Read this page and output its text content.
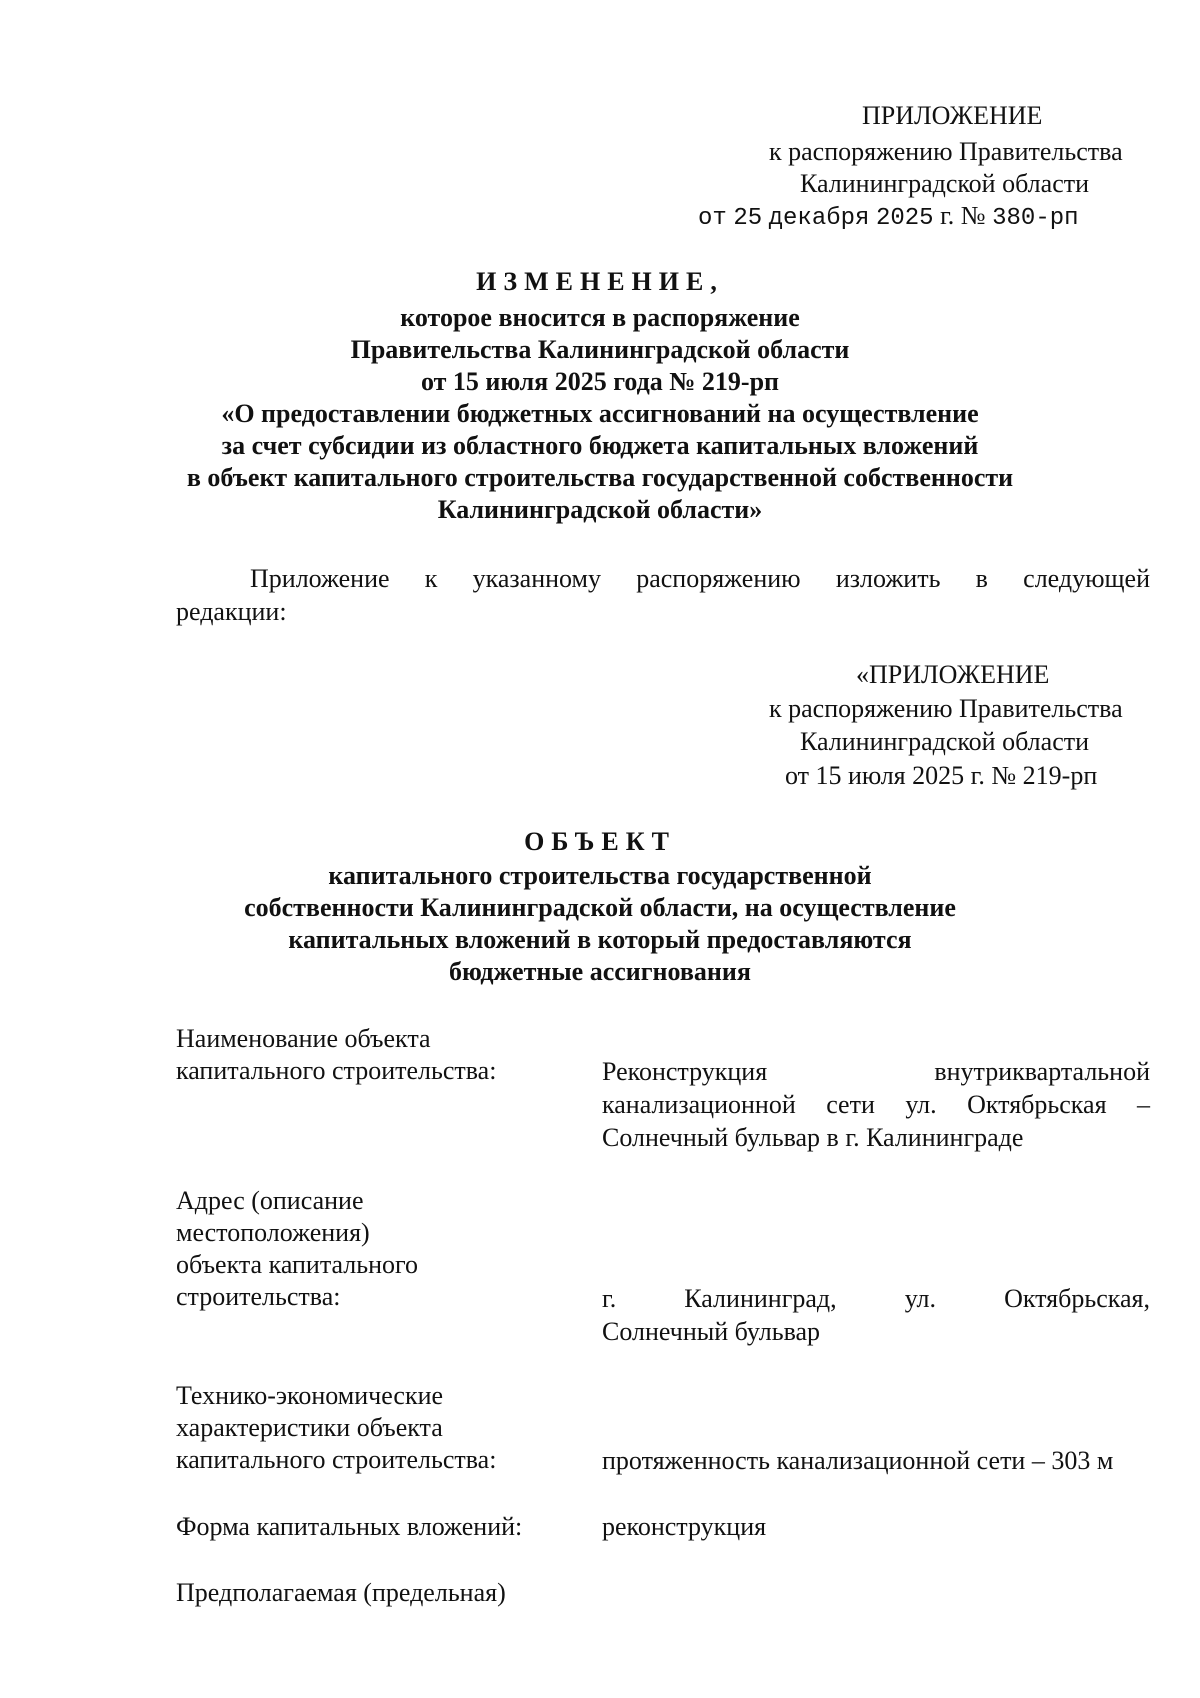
ПРИЛОЖЕНИЕ
к распоряжению Правительства
Калининградской области
от 25 декабря 2025 г. № 380-рп
ИЗМЕНЕНИЕ,
которое вносится в распоряжение
Правительства Калининградской области
от 15 июля 2025 года № 219-рп
«О предоставлении бюджетных ассигнований на осуществление
за счет субсидии из областного бюджета капитальных вложений
в объект капитального строительства государственной собственности
Калининградской области»
Приложение к указанному распоряжению изложить в следующей
редакции:
«ПРИЛОЖЕНИЕ
к распоряжению Правительства
Калининградской области
от 15 июля 2025 г. № 219-рп
ОБЪЕКТ
капитального строительства государственной
собственности Калининградской области, на осуществление
капитальных вложений в который предоставляются
бюджетные ассигнования
Наименование объекта
капитального строительства:	Реконструкция внутриквартальной
канализационной сети ул. Октябрьская –
Солнечный бульвар в г. Калининграде
Адрес (описание
местоположения)
объекта капитального
строительства:	г. Калининград, ул. Октябрьская,
Солнечный бульвар
Технико-экономические
характеристики объекта
капитального строительства:	протяженность канализационной сети – 303 м
Форма капитальных вложений:	реконструкция
Предполагаемая (предельная)
